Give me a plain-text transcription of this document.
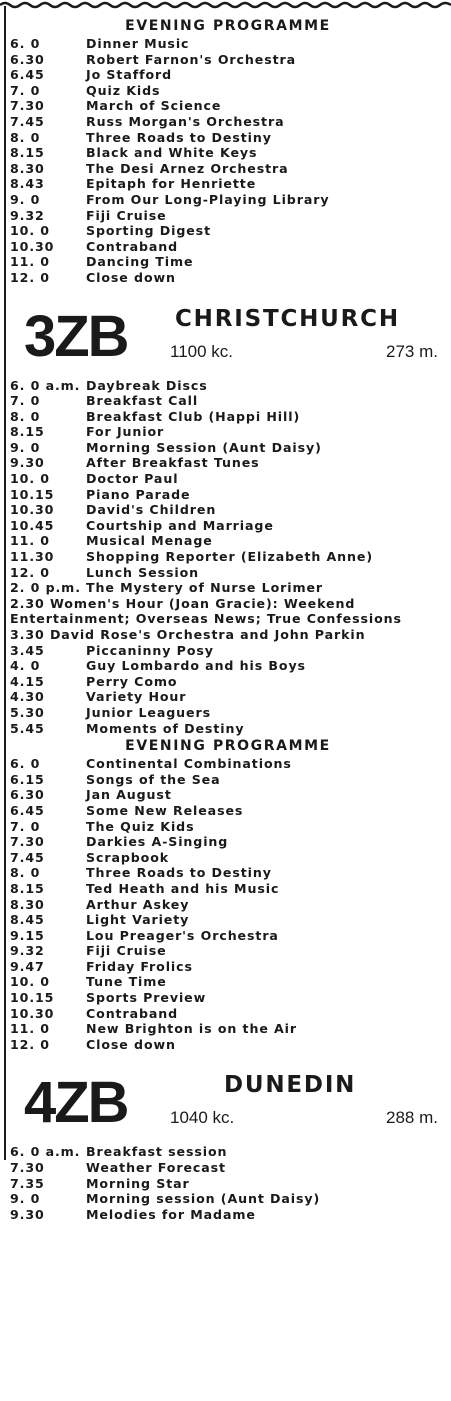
EVENING PROGRAMME
6. 0	Dinner Music
6.30	Robert Farnon's Orchestra
6.45	Jo Stafford
7. 0	Quiz Kids
7.30	March of Science
7.45	Russ Morgan's Orchestra
8. 0	Three Roads to Destiny
8.15	Black and White Keys
8.30	The Desi Arnez Orchestra
8.43	Epitaph for Henriette
9. 0	From Our Long-Playing Library
9.32	Fiji Cruise
10. 0	Sporting Digest
10.30	Contraband
11. 0	Dancing Time
12. 0	Close down
3ZB CHRISTCHURCH
1100 kc.	273 m.
6. 0 a.m. Daybreak Discs
7. 0	Breakfast Call
8. 0	Breakfast Club (Happi Hill)
8.15	For Junior
9. 0	Morning Session (Aunt Daisy)
9.30	After Breakfast Tunes
10. 0	Doctor Paul
10.15	Piano Parade
10.30	David's Children
10.45	Courtship and Marriage
11. 0	Musical Menage
11.30	Shopping Reporter (Elizabeth Anne)
12. 0	Lunch Session
2. 0 p.m. The Mystery of Nurse Lorimer
2.30 Women's Hour (Joan Gracie): Weekend Entertainment; Overseas News; True Confessions
3.30 David Rose's Orchestra and John Parkin
3.45	Piccaninny Posy
4. 0	Guy Lombardo and his Boys
4.15	Perry Como
4.30	Variety Hour
5.30	Junior Leaguers
5.45	Moments of Destiny
EVENING PROGRAMME
6. 0	Continental Combinations
6.15	Songs of the Sea
6.30	Jan August
6.45	Some New Releases
7. 0	The Quiz Kids
7.30	Darkies A-Singing
7.45	Scrapbook
8. 0	Three Roads to Destiny
8.15	Ted Heath and his Music
8.30	Arthur Askey
8.45	Light Variety
9.15	Lou Preager's Orchestra
9.32	Fiji Cruise
9.47	Friday Frolics
10. 0	Tune Time
10.15	Sports Preview
10.30	Contraband
11. 0	New Brighton is on the Air
12. 0	Close down
4ZB	DUNEDIN
1040 kc.	288 m.
6. 0 a.m. Breakfast session
7.30	Weather Forecast
7.35	Morning Star
9. 0	Morning session (Aunt Daisy)
9.30	Melodies for Madame
